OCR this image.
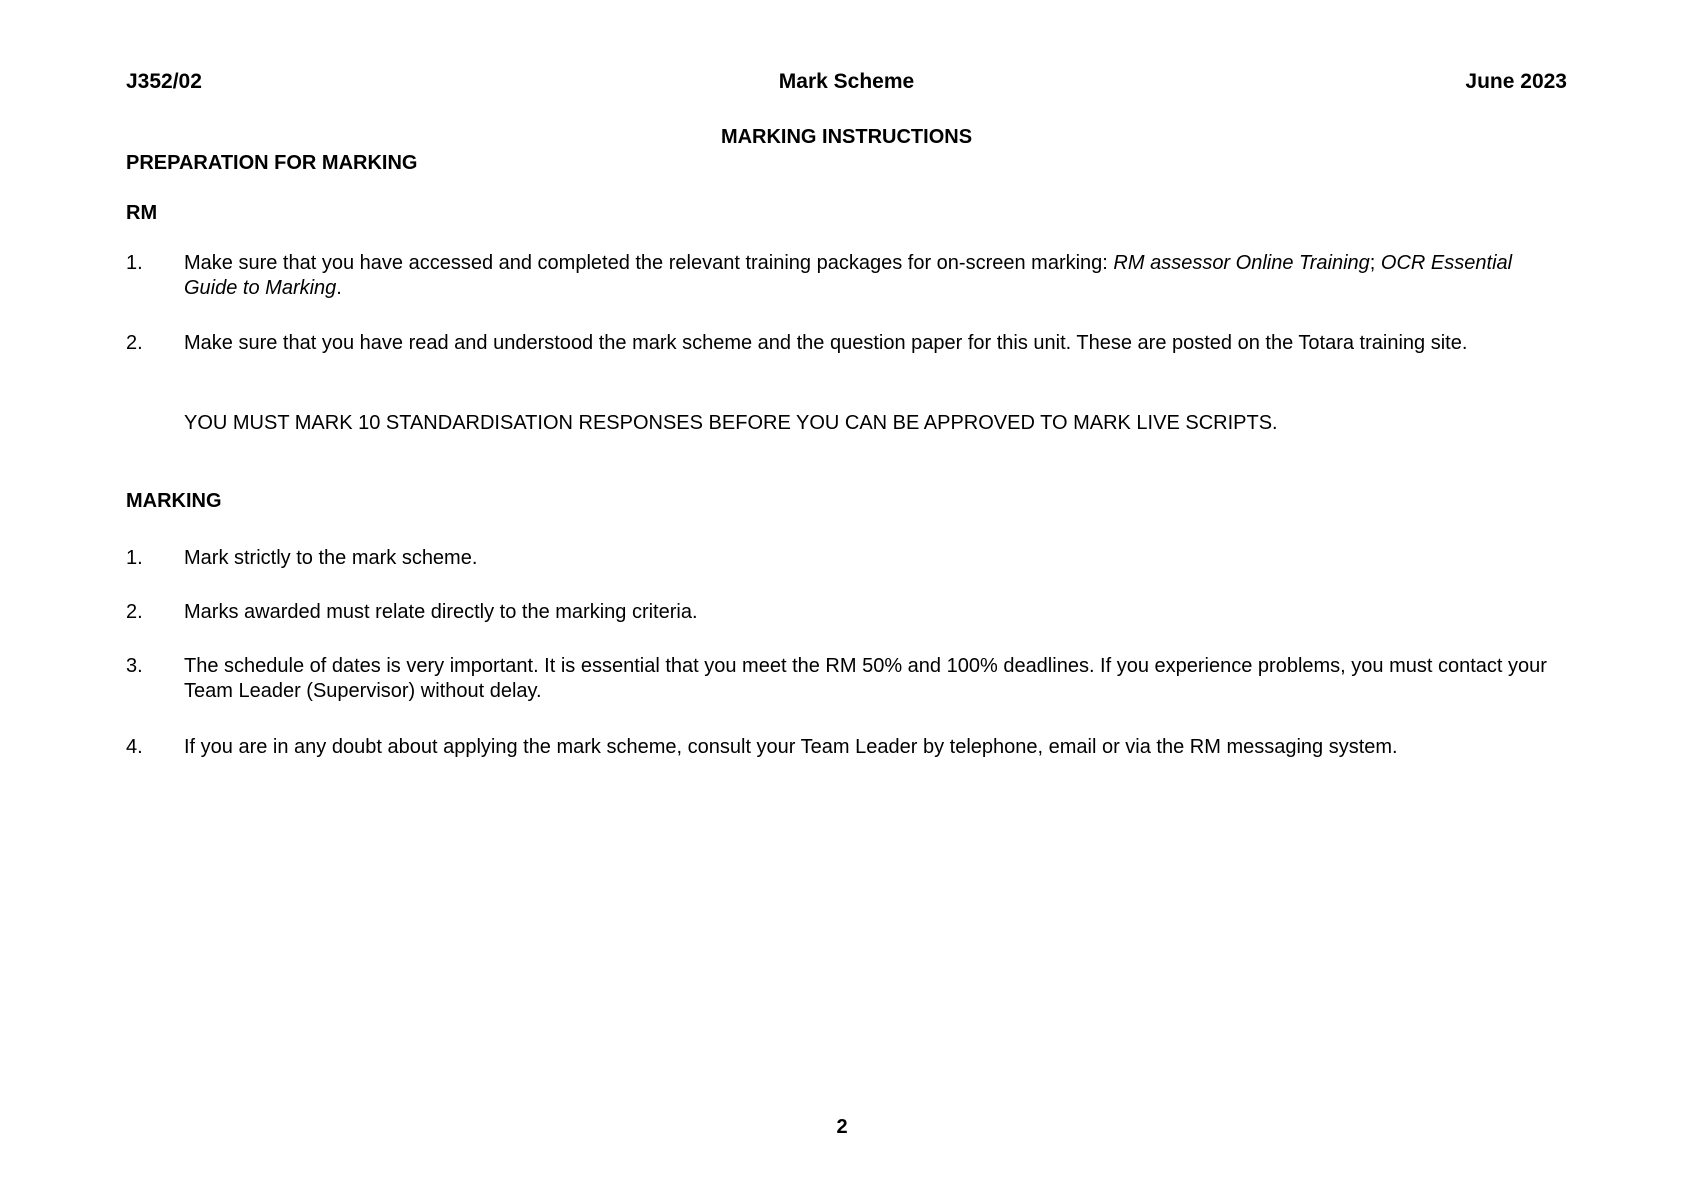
J352/02	Mark Scheme	June 2023
MARKING INSTRUCTIONS
PREPARATION FOR MARKING
RM
1. Make sure that you have accessed and completed the relevant training packages for on-screen marking: RM assessor Online Training; OCR Essential Guide to Marking.
2. Make sure that you have read and understood the mark scheme and the question paper for this unit. These are posted on the Totara training site.
YOU MUST MARK 10 STANDARDISATION RESPONSES BEFORE YOU CAN BE APPROVED TO MARK LIVE SCRIPTS.
MARKING
1. Mark strictly to the mark scheme.
2. Marks awarded must relate directly to the marking criteria.
3. The schedule of dates is very important. It is essential that you meet the RM 50% and 100% deadlines. If you experience problems, you must contact your Team Leader (Supervisor) without delay.
4. If you are in any doubt about applying the mark scheme, consult your Team Leader by telephone, email or via the RM messaging system.
2
